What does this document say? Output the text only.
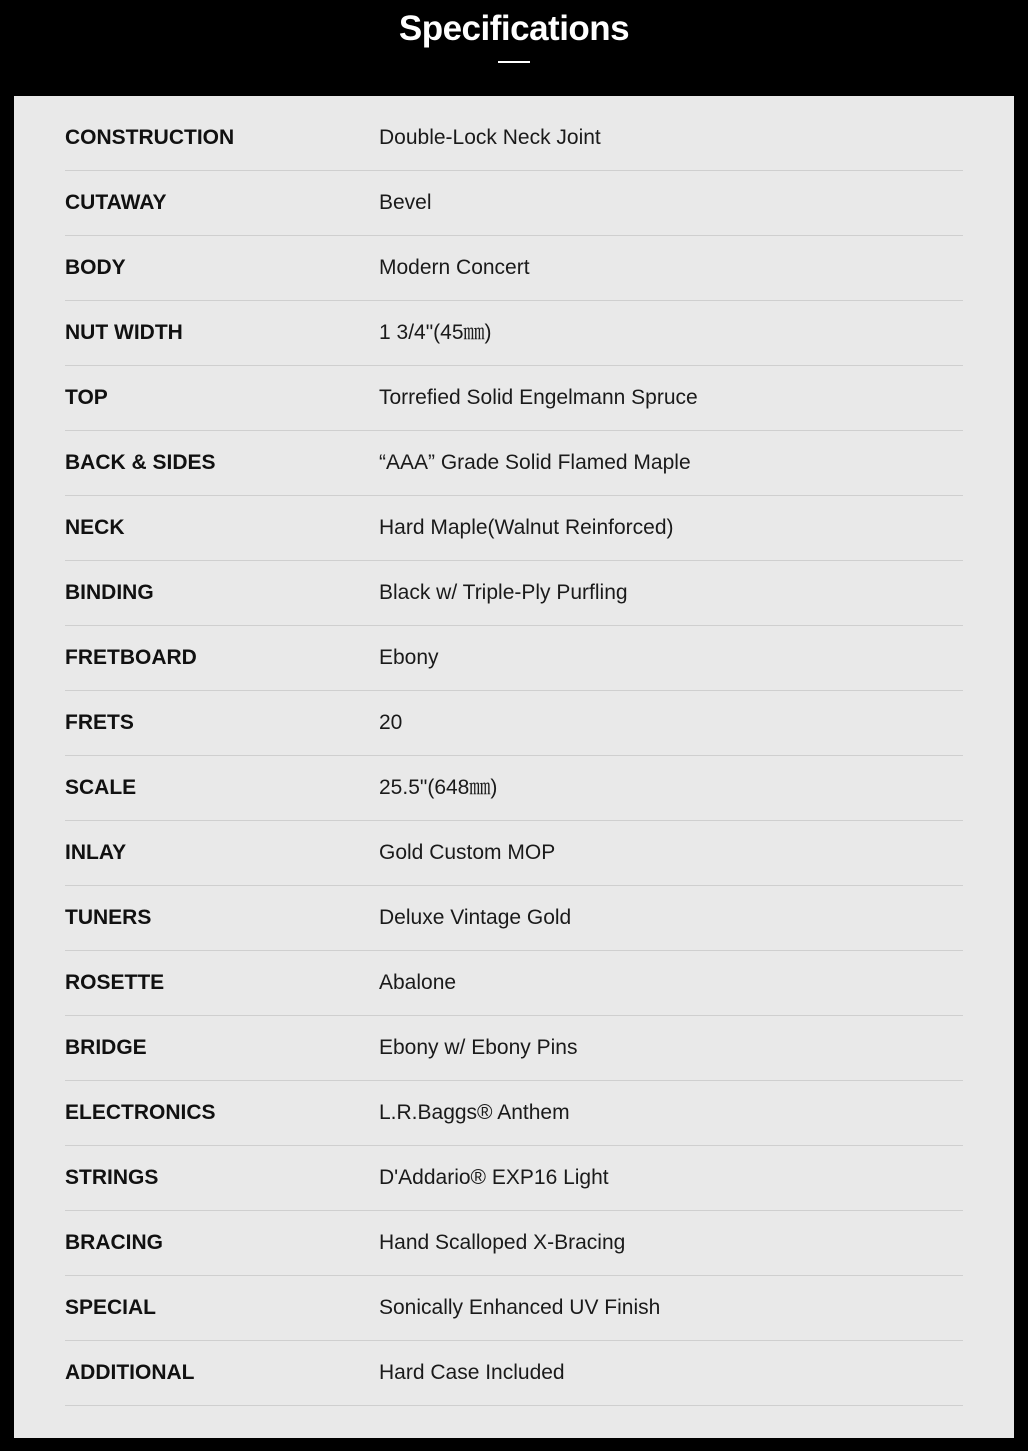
Specifications
CONSTRUCTION	Double-Lock Neck Joint
CUTAWAY	Bevel
BODY	Modern Concert
NUT WIDTH	1 3/4"(45㎜)
TOP	Torrefied Solid Engelmann Spruce
BACK & SIDES	“AAA” Grade Solid Flamed Maple
NECK	Hard Maple(Walnut Reinforced)
BINDING	Black w/ Triple-Ply Purfling
FRETBOARD	Ebony
FRETS	20
SCALE	25.5"(648㎜)
INLAY	Gold Custom MOP
TUNERS	Deluxe Vintage Gold
ROSETTE	Abalone
BRIDGE	Ebony w/ Ebony Pins
ELECTRONICS	L.R.Baggs® Anthem
STRINGS	D'Addario® EXP16 Light
BRACING	Hand Scalloped X-Bracing
SPECIAL	Sonically Enhanced UV Finish
ADDITIONAL	Hard Case Included
